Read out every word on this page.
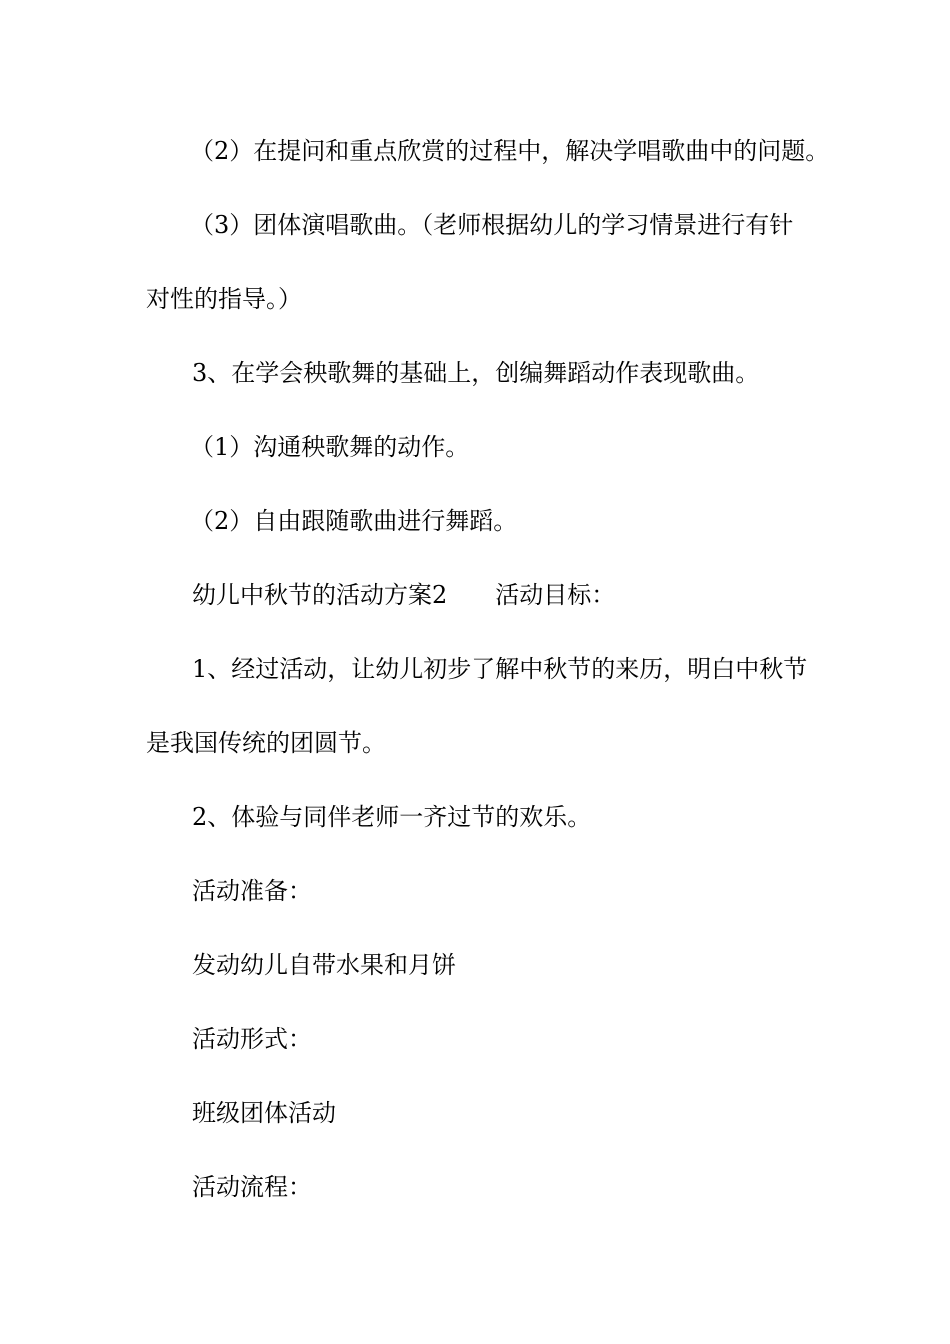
（2）在提问和重点欣赏的过程中，解决学唱歌曲中的问题。
（3）团体演唱歌曲。（老师根据幼儿的学习情景进行有针
对性的指导。）
3、在学会秧歌舞的基础上，创编舞蹈动作表现歌曲。
（1）沟通秧歌舞的动作。
（2）自由跟随歌曲进行舞蹈。
幼儿中秋节的活动方案2 活动目标：
1、经过活动，让幼儿初步了解中秋节的来历，明白中秋节
是我国传统的团圆节。
2、体验与同伴老师一齐过节的欢乐。
活动准备：
发动幼儿自带水果和月饼
活动形式：
班级团体活动
活动流程：
